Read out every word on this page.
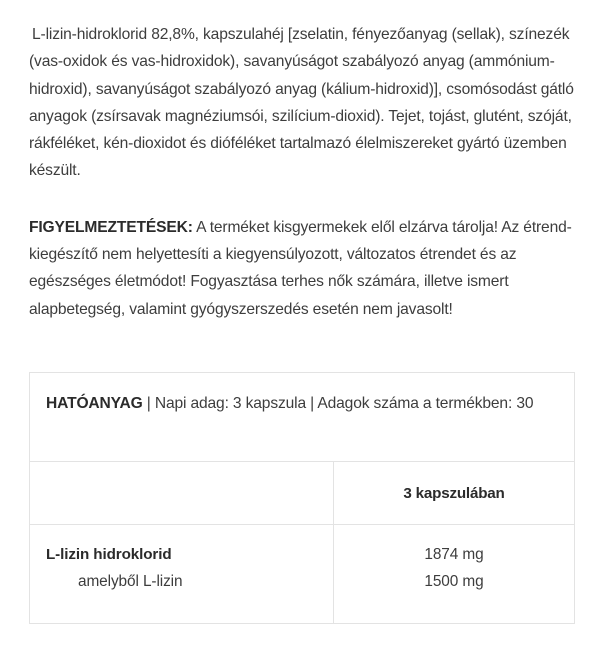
L-lizin-hidroklorid 82,8%, kapszulahéj [zselatin, fényezőanyag (sellak), színezék (vas-oxidok és vas-hidroxidok), savanyúságot szabályozó anyag (ammónium-hidroxid), savanyúságot szabályozó anyag (kálium-hidroxid)], csomósodást gátló anyagok (zsírsavak magnéziumsói, szilícium-dioxid). Tejet, tojást, glutént, szóját, rákféléket, kén-dioxidot és dióféléket tartalmazó élelmiszereket gyártó üzemben készült.

FIGYELMEZTETÉSEK: A terméket kisgyermekek elől elzárva tárolja! Az étrend-kiegészítő nem helyettesíti a kiegyensúlyozott, változatos étrendet és az egészséges életmódot! Fogyasztása terhes nők számára, illetve ismert alapbetegség, valamint gyógyszerszedés esetén nem javasolt!

HATÓANYAG | Napi adag: 3 kapszula | Adagok száma a termékben: 30
3 kapszulában
L-lizin hidroklorid
amelyből L-lizin
1874 mg
1500 mg
